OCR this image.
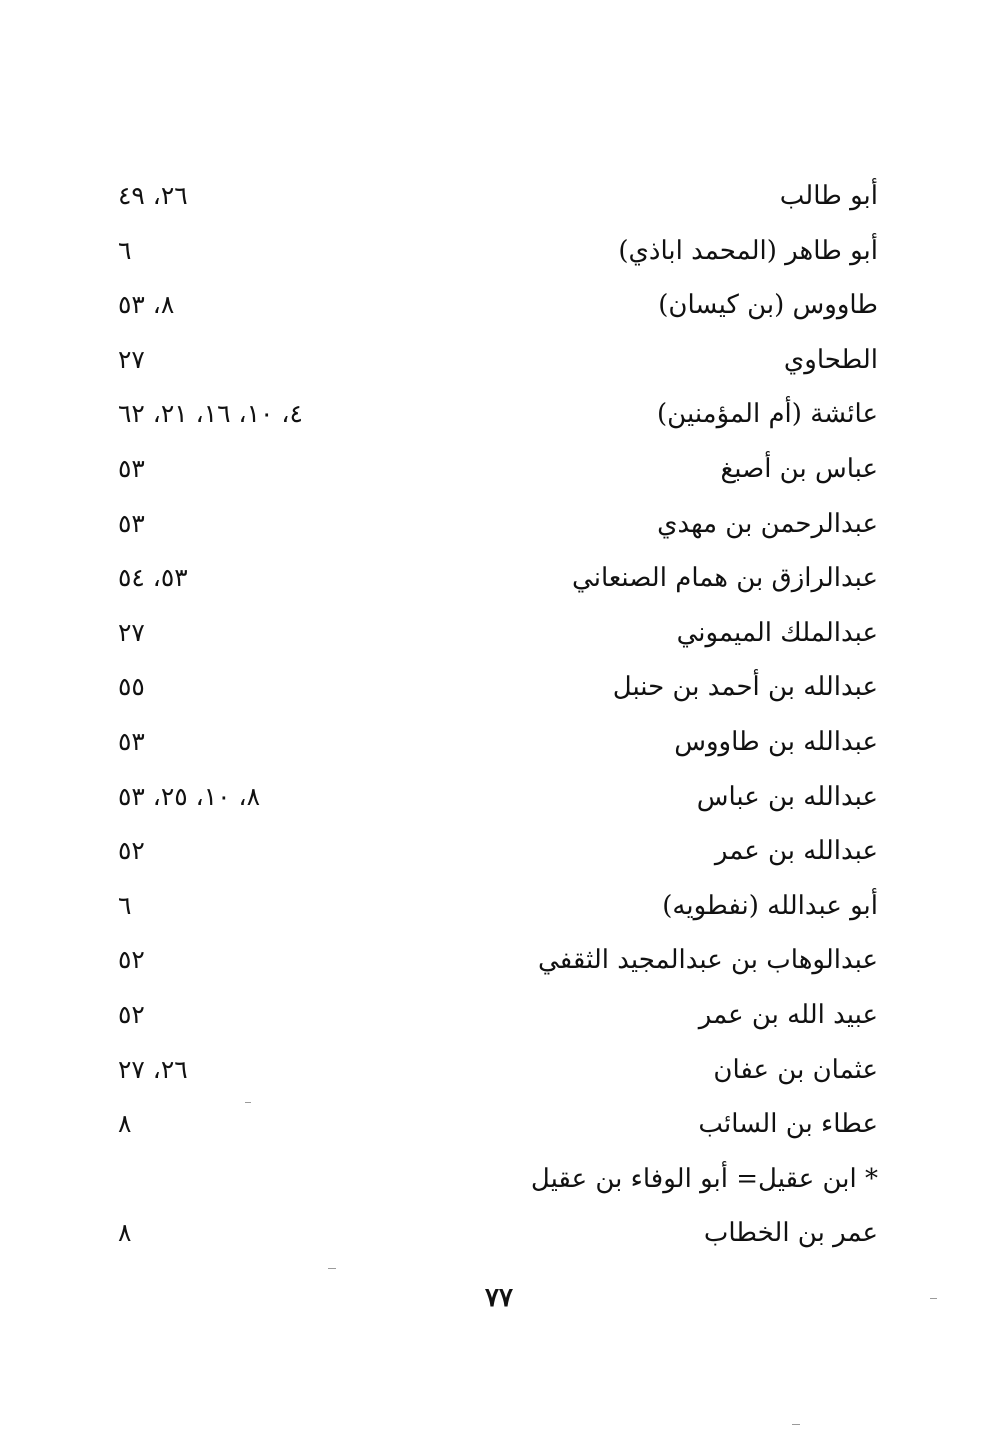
أبو طالب
٢٦، ٤٩
أبو طاهر (المحمد اباذي)
٦
طاووس (بن كيسان)
٨، ٥٣
الطحاوي
٢٧
عائشة (أم المؤمنين)
٤، ١٠، ١٦، ٢١، ٦٢
عباس بن أصبغ
٥٣
عبدالرحمن بن مهدي
٥٣
عبدالرازق بن همام الصنعاني
٥٣، ٥٤
عبدالملك الميموني
٢٧
عبدالله بن أحمد بن حنبل
٥٥
عبدالله بن طاووس
٥٣
عبدالله بن عباس
٨، ١٠، ٢٥، ٥٣
عبدالله بن عمر
٥٢
أبو عبدالله (نفطويه)
٦
عبدالوهاب بن عبدالمجيد الثقفي
٥٢
عبيد الله بن عمر
٥٢
عثمان بن عفان
٢٦، ٢٧
عطاء بن السائب
٨
* ابن عقيل= أبو الوفاء بن عقيل
عمر بن الخطاب
٨
٧٧
